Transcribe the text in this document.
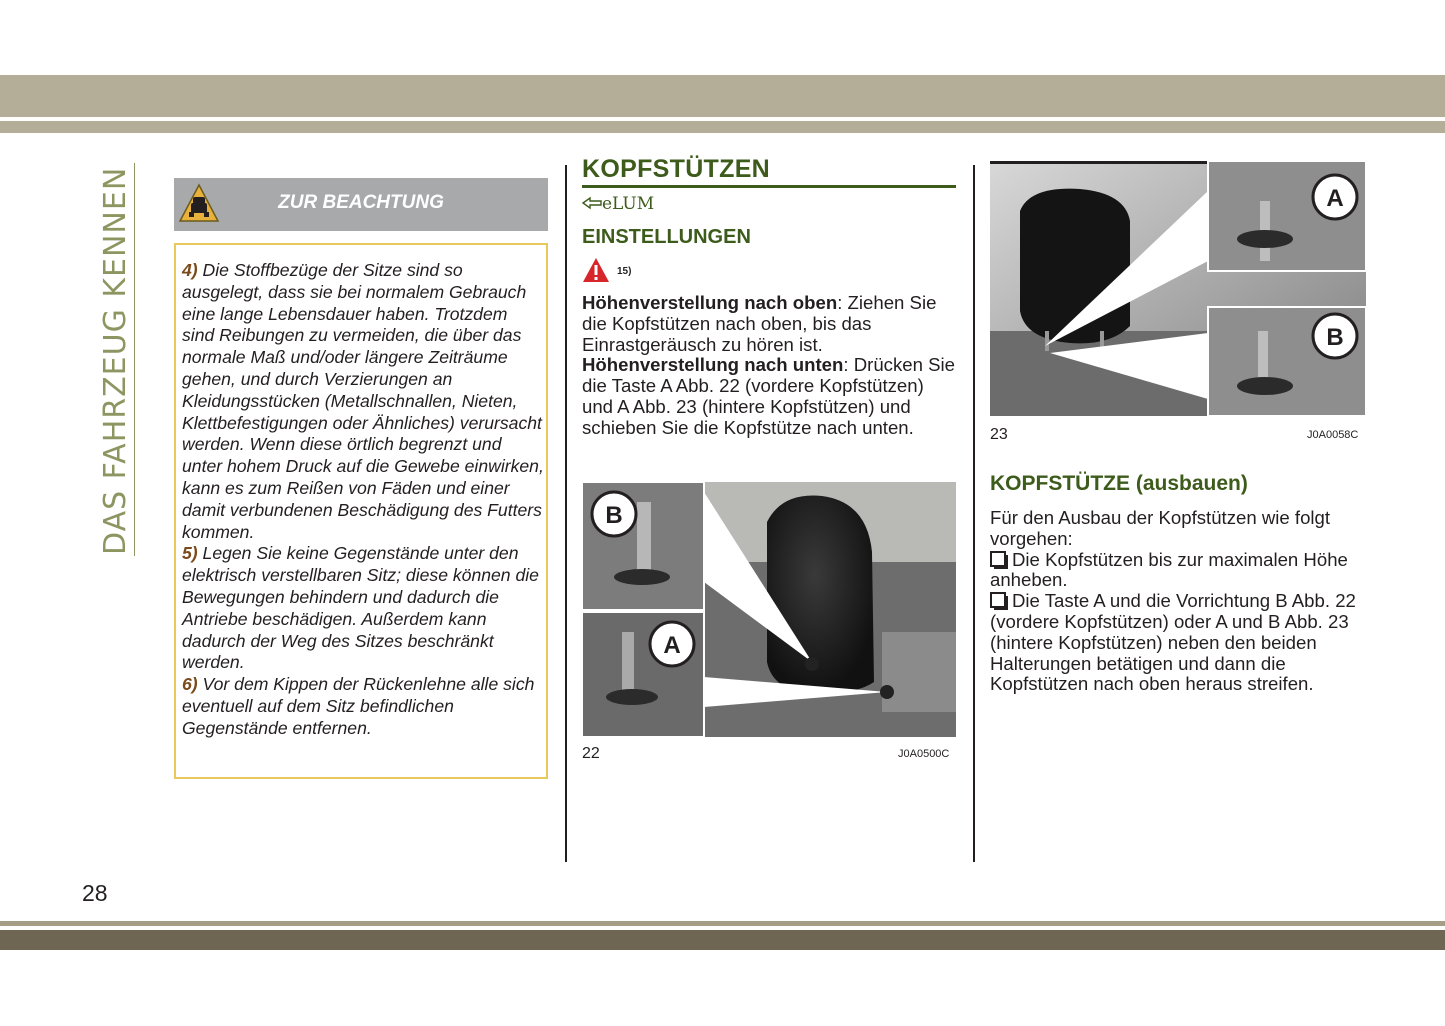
DAS FAHRZEUG KENNEN	ZUR BEACHTUNG

4) Die Stoffbezüge der Sitze sind so ausgelegt, dass sie bei normalem Gebrauch eine lange Lebensdauer haben. Trotzdem sind Reibungen zu vermeiden, die über das normale Maß und/oder längere Zeiträume gehen, und durch Verzierungen an Kleidungsstücken (Metallschnallen, Nieten, Klettbefestigungen oder Ähnliches) verursacht werden. Wenn diese örtlich begrenzt und unter hohem Druck auf die Gewebe einwirken, kann es zum Reißen von Fäden und einer damit verbundenen Beschädigung des Futters kommen.

5) Legen Sie keine Gegenstände unter den elektrisch verstellbaren Sitz; diese können die Bewegungen behindern und dadurch die Antriebe beschädigen. Außerdem kann dadurch der Weg des Sitzes beschränkt werden.

6) Vor dem Kippen der Rückenlehne alle sich eventuell auf dem Sitz befindlichen Gegenstände entfernen.

KOPFSTÜTZEN
eLUM
EINSTELLUNGEN
15)

Höhenverstellung nach oben: Ziehen Sie die Kopfstützen nach oben, bis das Einrastgeräusch zu hören ist.

Höhenverstellung nach unten: Drücken Sie die Taste A Abb. 22 (vordere Kopfstützen) und A Abb. 23 (hintere Kopfstützen) und schieben Sie die Kopfstütze nach unten.

B
A
22	J0A0500C
A
B
23	J0A0058C
KOPFSTÜTZE (ausbauen)

Für den Ausbau der Kopfstützen wie folgt vorgehen:

Die Kopfstützen bis zur maximalen Höhe anheben.

Die Taste A und die Vorrichtung B Abb. 22 (vordere Kopfstützen) oder A und B Abb. 23 (hintere Kopfstützen) neben den beiden Halterungen betätigen und dann die Kopfstützen nach oben heraus streifen.

28
